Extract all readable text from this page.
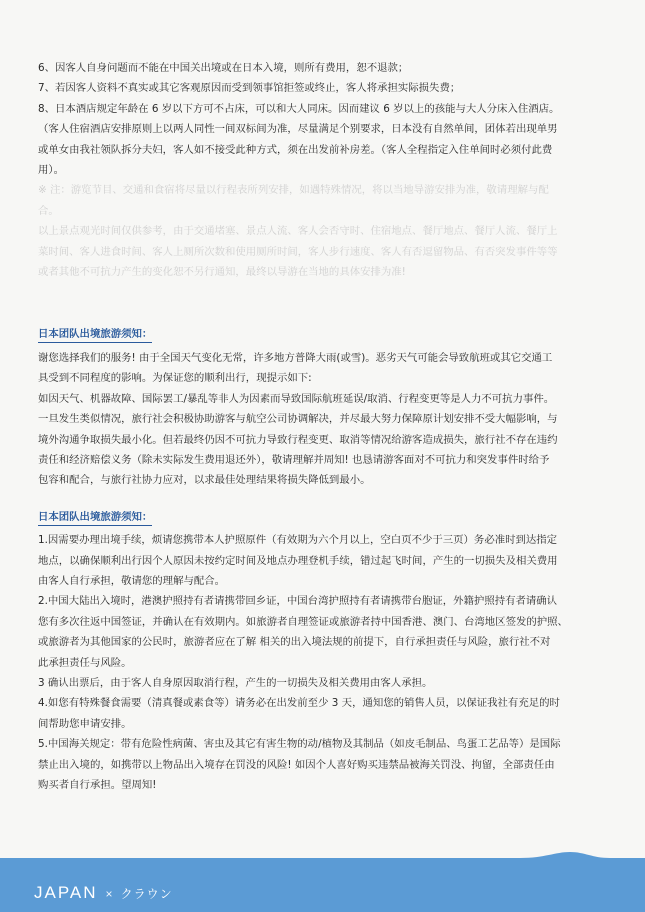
6、因客人自身问题而不能在中国关出境或在日本入境，则所有费用，恕不退款；
7、若因客人资料不真实或其它客观原因而受到领事馆拒签或终止，客人将承担实际损失费；
8、日本酒店规定年龄在 6 岁以下方可不占床，可以和大人同床。因而建议 6 岁以上的孩能与大人分床入住酒店。
（客人住宿酒店安排原则上以两人同性一间双标间为准，尽量满足个别要求，日本没有自然单间，团体若出现单男
或单女由我社领队拆分夫妇，客人如不接受此种方式，须在出发前补房差。（客人全程指定入住单间时必须付此费
用）。
※ 注：游览节目、交通和食宿将尽量以行程表所列安排，如遇特殊情况，将以当地导游安排为准，敬请理解与配
合。
以上景点观光时间仅供参考，由于交通堵塞、景点人流、客人会否守时、住宿地点、餐厅地点、餐厅人流、餐厅上
菜时间、客人进食时间、客人上厕所次数和使用厕所时间，客人步行速度、客人有否逗留物品、有否突发事件等等
或者其他不可抗力产生的变化恕不另行通知，最终以导游在当地的具体安排为准!
日本团队出境旅游须知：
谢您选择我们的服务! 由于全国天气变化无常，许多地方普降大雨(或雪)。恶劣天气可能会导致航班或其它交通工
具受到不同程度的影响。为保证您的顺利出行，现提示如下:
如因天气、机器故障、国际罢工/暴乱等非人为因素而导致国际航班延误/取消、行程变更等是人力不可抗力事件。
一旦发生类似情况，旅行社会积极协助游客与航空公司协调解决，并尽最大努力保障原计划安排不受大幅影响，与
境外沟通争取损失最小化。但若最终仍因不可抗力导致行程变更、取消等情况给游客造成损失，旅行社不存在违约
责任和经济赔偿义务（除未实际发生费用退还外），敬请理解并周知! 也恳请游客面对不可抗力和突发事件时给予
包容和配合，与旅行社协力应对，以求最佳处理结果将损失降低到最小。
日本团队出境旅游须知：
1.因需要办理出境手续，烦请您携带本人护照原件（有效期为六个月以上，空白页不少于三页）务必准时到达指定
地点，以确保顺利出行因个人原因未按约定时间及地点办理登机手续，错过起飞时间，产生的一切损失及相关费用
由客人自行承担，敬请您的理解与配合。
2.中国大陆出入境时，港澳护照持有者请携带回乡证，中国台湾护照持有者请携带台胞证，外籍护照持有者请确认
您有多次往返中国签证，并确认在有效期内。如旅游者自理签证或旅游者持中国香港、澳门、台湾地区签发的护照、
或旅游者为其他国家的公民时，旅游者应在了解 相关的出入境法规的前提下，自行承担责任与风险，旅行社不对
此承担责任与风险。
3 确认出票后，由于客人自身原因取消行程，产生的一切损失及相关费用由客人承担。
4.如您有特殊餐食需要（清真餐或素食等）请务必在出发前至少 3 天，通知您的销售人员，以保证我社有充足的时
间帮助您申请安排。
5.中国海关规定：带有危险性病菌、害虫及其它有害生物的动/植物及其制品（如皮毛制品、鸟蛋工艺品等）是国际
禁止出入境的，如携带以上物品出入境存在罚没的风险! 如因个人喜好购买违禁品被海关罚没、拘留，全部责任由
购买者自行承担。望周知!
JAPAN × クラウン
